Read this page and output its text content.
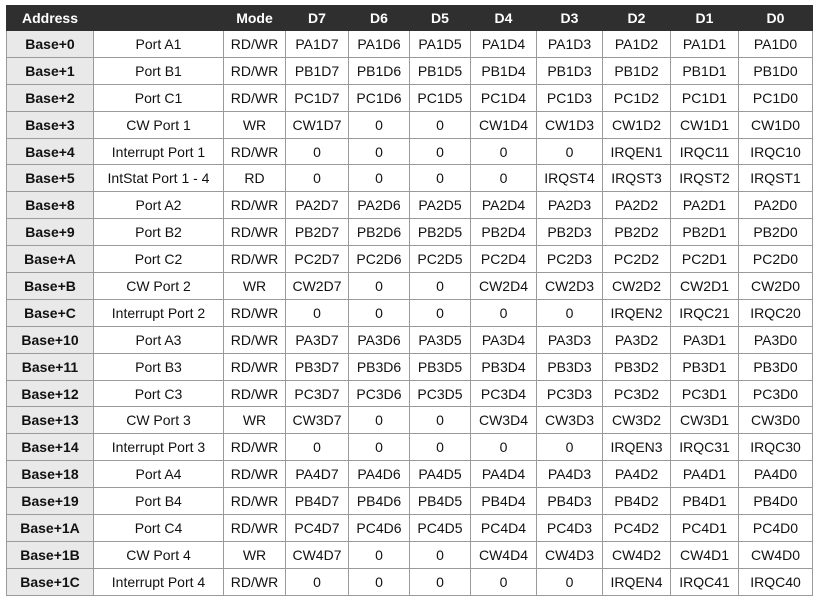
Address		Mode	D7	D6	D5	D4	D3	D2	D1	D0
Base+0	Port A1	RD/WR	PA1D7	PA1D6	PA1D5	PA1D4	PA1D3	PA1D2	PA1D1	PA1D0
Base+1	Port B1	RD/WR	PB1D7	PB1D6	PB1D5	PB1D4	PB1D3	PB1D2	PB1D1	PB1D0
Base+2	Port C1	RD/WR	PC1D7	PC1D6	PC1D5	PC1D4	PC1D3	PC1D2	PC1D1	PC1D0
Base+3	CW Port 1	WR	CW1D7	0	0	CW1D4	CW1D3	CW1D2	CW1D1	CW1D0
Base+4	Interrupt Port 1	RD/WR	0	0	0	0	0	IRQEN1	IRQC11	IRQC10
Base+5	IntStat Port 1 - 4	RD	0	0	0	0	IRQST4	IRQST3	IRQST2	IRQST1
Base+8	Port A2	RD/WR	PA2D7	PA2D6	PA2D5	PA2D4	PA2D3	PA2D2	PA2D1	PA2D0
Base+9	Port B2	RD/WR	PB2D7	PB2D6	PB2D5	PB2D4	PB2D3	PB2D2	PB2D1	PB2D0
Base+A	Port C2	RD/WR	PC2D7	PC2D6	PC2D5	PC2D4	PC2D3	PC2D2	PC2D1	PC2D0
Base+B	CW Port 2	WR	CW2D7	0	0	CW2D4	CW2D3	CW2D2	CW2D1	CW2D0
Base+C	Interrupt Port 2	RD/WR	0	0	0	0	0	IRQEN2	IRQC21	IRQC20
Base+10	Port A3	RD/WR	PA3D7	PA3D6	PA3D5	PA3D4	PA3D3	PA3D2	PA3D1	PA3D0
Base+11	Port B3	RD/WR	PB3D7	PB3D6	PB3D5	PB3D4	PB3D3	PB3D2	PB3D1	PB3D0
Base+12	Port C3	RD/WR	PC3D7	PC3D6	PC3D5	PC3D4	PC3D3	PC3D2	PC3D1	PC3D0
Base+13	CW Port 3	WR	CW3D7	0	0	CW3D4	CW3D3	CW3D2	CW3D1	CW3D0
Base+14	Interrupt Port 3	RD/WR	0	0	0	0	0	IRQEN3	IRQC31	IRQC30
Base+18	Port A4	RD/WR	PA4D7	PA4D6	PA4D5	PA4D4	PA4D3	PA4D2	PA4D1	PA4D0
Base+19	Port B4	RD/WR	PB4D7	PB4D6	PB4D5	PB4D4	PB4D3	PB4D2	PB4D1	PB4D0
Base+1A	Port C4	RD/WR	PC4D7	PC4D6	PC4D5	PC4D4	PC4D3	PC4D2	PC4D1	PC4D0
Base+1B	CW Port 4	WR	CW4D7	0	0	CW4D4	CW4D3	CW4D2	CW4D1	CW4D0
Base+1C	Interrupt Port 4	RD/WR	0	0	0	0	0	IRQEN4	IRQC41	IRQC40
